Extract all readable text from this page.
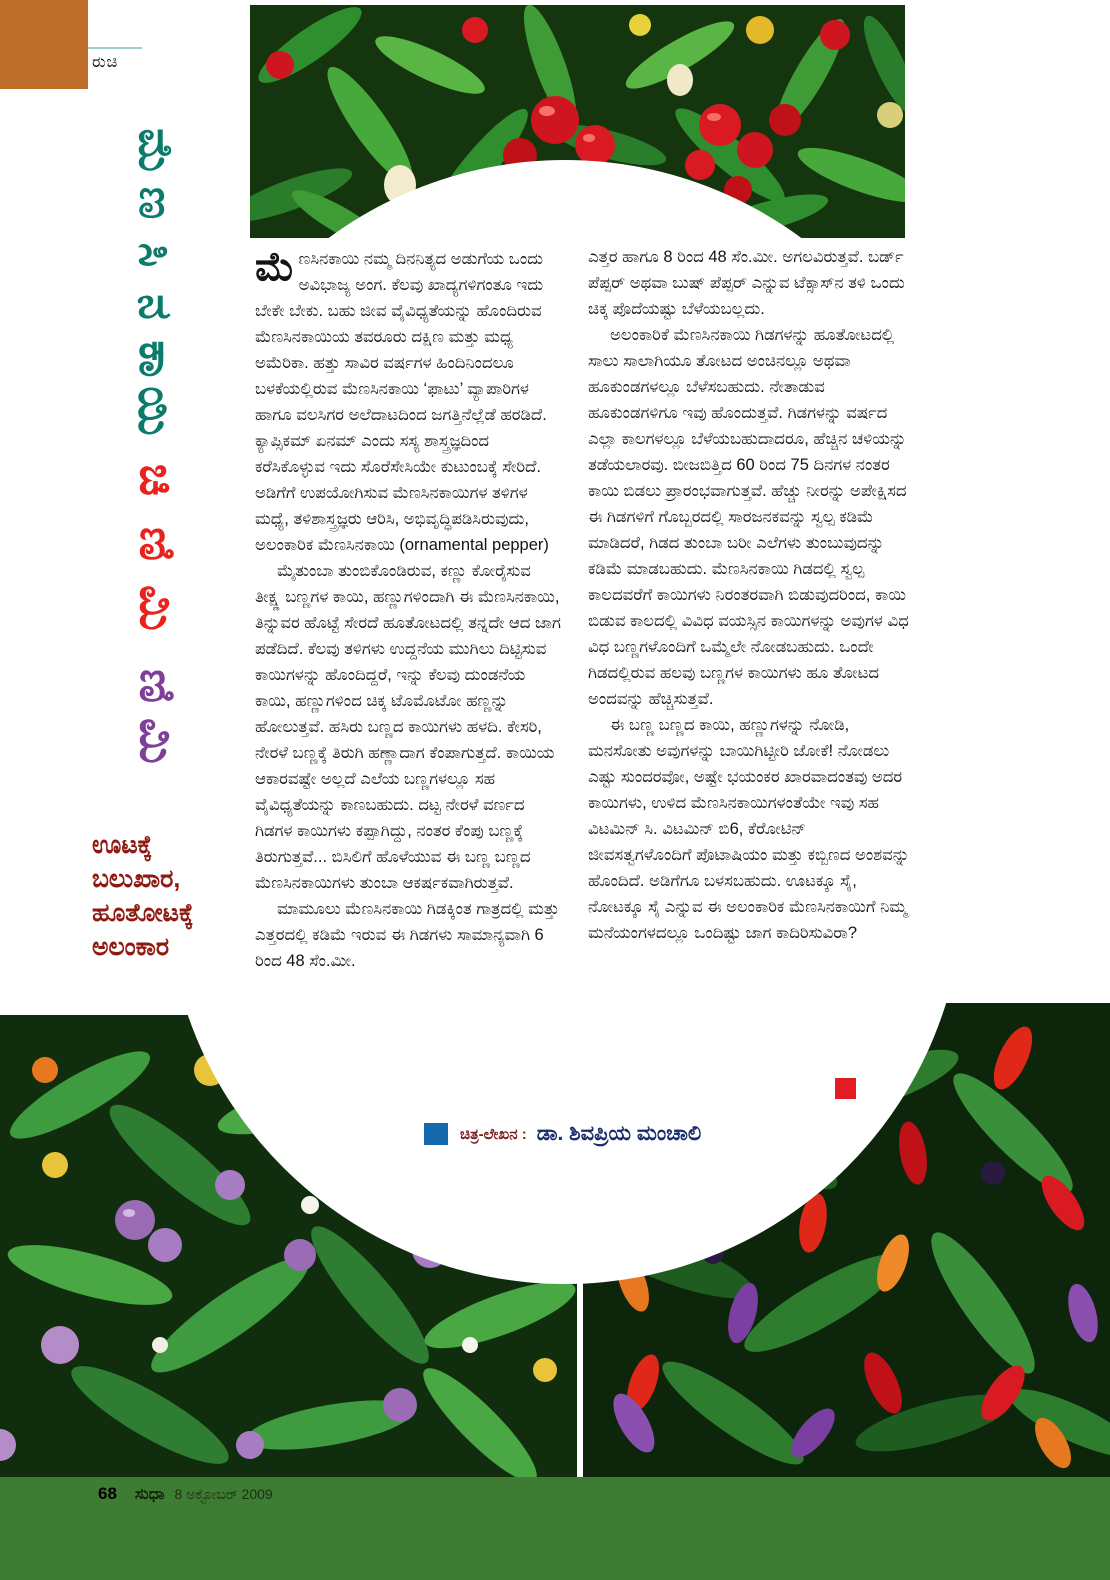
ರುಚಿ
ಮೆ
ಣ
ಸಿ
ನ
ಕಾ
ಯಿ
ಚಿ
ಣಿ
ಮಿ
ಣಿ
ಮಿ
ಊಟಕ್ಕೆ
ಬಲುಖಾರ,
ಹೂತೋಟಕ್ಕೆ
ಅಲಂಕಾರ

ಮೆಣಸಿನಕಾಯಿ ನಮ್ಮ ದಿನನಿತ್ಯದ ಅಡುಗೆಯ ಒಂದು ಅವಿಭಾಜ್ಯ ಅಂಗ. ಕೆಲವು ಖಾದ್ಯಗಳಿಗಂತೂ ಇದು ಬೇಕೇ ಬೇಕು. ಬಹು ಜೀವ ವೈವಿಧ್ಯತೆಯನ್ನು ಹೊಂದಿರುವ ಮೆಣಸಿನಕಾಯಿಯ ತವರೂರು ದಕ್ಷಿಣ ಮತ್ತು ಮಧ್ಯ ಅಮೆರಿಕಾ. ಹತ್ತು ಸಾವಿರ ವರ್ಷಗಳ ಹಿಂದಿನಿಂದಲೂ ಬಳಕೆಯಲ್ಲಿರುವ ಮೆಣಸಿನಕಾಯಿ ‘ಫಾಟು’ ವ್ಯಾಪಾರಿಗಳ ಹಾಗೂ ವಲಸಿಗರ ಅಲೆದಾಟದಿಂದ ಜಗತ್ತಿನೆಲ್ಲೆಡೆ ಹರಡಿದೆ. ಕ್ಯಾಪ್ಸಿಕಮ್ ಏನಮ್ ಎಂದು ಸಸ್ಯ ಶಾಸ್ತ್ರಜ್ಞದಿಂದ ಕರೆಸಿಕೊಳ್ಳುವ ಇದು ಸೊರೆಸೇಸಿಯೇ ಕುಟುಂಬಕ್ಕೆ ಸೇರಿದೆ. ಅಡಿಗೆಗೆ ಉಪಯೋಗಿಸುವ ಮೆಣಸಿನಕಾಯಿಗಳ ತಳಿಗಳ ಮಧ್ಯೆ, ತಳಿಶಾಸ್ತ್ರಜ್ಞರು ಆರಿಸಿ, ಅಭಿವೃದ್ಧಿಪಡಿಸಿರುವುದು, ಅಲಂಕಾರಿಕ ಮೆಣಸಿನಕಾಯಿ (ornamental pepper)

ಮೈತುಂಬಾ ತುಂಬಿಕೊಂಡಿರುವ, ಕಣ್ಣು ಕೋರೈಸುವ ತೀಕ್ಷ್ಣ ಬಣ್ಣಗಳ ಕಾಯಿ, ಹಣ್ಣುಗಳಿಂದಾಗಿ ಈ ಮೆಣಸಿನಕಾಯಿ, ತಿನ್ನುವರ ಹೊಟ್ಟೆ ಸೇರದೆ ಹೂತೋಟದಲ್ಲಿ ತನ್ನದೇ ಆದ ಜಾಗ ಪಡೆದಿದೆ. ಕೆಲವು ತಳಿಗಳು ಉದ್ದನೆಯ ಮುಗಿಲು ದಿಟ್ಟಿಸುವ ಕಾಯಿಗಳನ್ನು ಹೊಂದಿದ್ದರೆ, ಇನ್ನು ಕೆಲವು ದುಂಡನೆಯ ಕಾಯಿ, ಹಣ್ಣುಗಳಿಂದ ಚಿಕ್ಕ ಟೊಮೊಟೋ ಹಣ್ಣನ್ನು ಹೋಲುತ್ತವೆ. ಹಸಿರು ಬಣ್ಣದ ಕಾಯಿಗಳು ಹಳದಿ. ಕೇಸರಿ, ನೇರಳೆ ಬಣ್ಣಕ್ಕೆ ತಿರುಗಿ ಹಣ್ಣಾದಾಗ ಕೆಂಪಾಗುತ್ತದೆ. ಕಾಯಿಯ ಆಕಾರವಷ್ಟೇ ಅಲ್ಲದೆ ಎಲೆಯ ಬಣ್ಣಗಳಲ್ಲೂ ಸಹ ವೈವಿಧ್ಯತೆಯನ್ನು ಕಾಣಬಹುದು. ದಟ್ಟ ನೇರಳೆ ವರ್ಣದ ಗಿಡಗಳ ಕಾಯಿಗಳು ಕಪ್ಪಾಗಿದ್ದು, ನಂತರ ಕೆಂಪು ಬಣ್ಣಕ್ಕೆ ತಿರುಗುತ್ತವೆ... ಬಿಸಿಲಿಗೆ ಹೊಳೆಯುವ ಈ ಬಣ್ಣ ಬಣ್ಣದ ಮೆಣಸಿನಕಾಯಿಗಳು ತುಂಬಾ ಆಕರ್ಷಕವಾಗಿರುತ್ತವೆ.

ಮಾಮೂಲು ಮೆಣಸಿನಕಾಯಿ ಗಿಡಕ್ಕಿಂತ ಗಾತ್ರದಲ್ಲಿ ಮತ್ತು ಎತ್ತರದಲ್ಲಿ ಕಡಿಮೆ ಇರುವ ಈ ಗಿಡಗಳು ಸಾಮಾನ್ಯವಾಗಿ 6 ರಿಂದ 48 ಸೆಂ.ಮೀ.

ಎತ್ತರ ಹಾಗೂ 8 ರಿಂದ 48 ಸೆಂ.ಮೀ. ಅಗಲವಿರುತ್ತವೆ. ಬರ್ಡ್ ಪೆಪ್ಪರ್ ಅಥವಾ ಬುಷ್ ಪೆಪ್ಪರ್ ಎನ್ನುವ ಟೆಕ್ಸಾಸ್‌ನ ತಳಿ ಒಂದು ಚಿಕ್ಕ ಪೊದೆಯಷ್ಟು ಬೆಳೆಯಬಲ್ಲದು.

ಅಲಂಕಾರಿಕೆ ಮೆಣಸಿನಕಾಯಿ ಗಿಡಗಳನ್ನು ಹೂತೋಟದಲ್ಲಿ ಸಾಲು ಸಾಲಾಗಿಯೂ ತೋಟದ ಅಂಚಿನಲ್ಲೂ ಅಥವಾ ಹೂಕುಂಡಗಳಲ್ಲೂ ಬೆಳೆಸಬಹುದು. ನೇತಾಡುವ ಹೂಕುಂಡಗಳಿಗೂ ಇವು ಹೊಂದುತ್ತವೆ. ಗಿಡಗಳನ್ನು ವರ್ಷದ ಎಲ್ಲಾ ಕಾಲಗಳಲ್ಲೂ ಬೆಳೆಯಬಹುದಾದರೂ, ಹೆಚ್ಚಿನ ಚಳಿಯನ್ನು ತಡೆಯಲಾರವು. ಬೀಜಬಿತ್ತಿದ 60 ರಿಂದ 75 ದಿನಗಳ ನಂತರ ಕಾಯಿ ಬಿಡಲು ಪ್ರಾರಂಭವಾಗುತ್ತವೆ. ಹೆಚ್ಚು ನೀರನ್ನು ಅಪೇಕ್ಷಿಸದ ಈ ಗಿಡಗಳಿಗೆ ಗೊಬ್ಬರದಲ್ಲಿ ಸಾರಜನಕವನ್ನು ಸ್ವಲ್ಪ ಕಡಿಮೆ ಮಾಡಿದರೆ, ಗಿಡದ ತುಂಬಾ ಬರೀ ಎಲೆಗಳು ತುಂಬುವುದನ್ನು ಕಡಿಮೆ ಮಾಡಬಹುದು. ಮೆಣಸಿನಕಾಯಿ ಗಿಡದಲ್ಲಿ ಸ್ವಲ್ಪ ಕಾಲದವರೆಗೆ ಕಾಯಿಗಳು ನಿರಂತರವಾಗಿ ಬಿಡುವುದರಿಂದ, ಕಾಯಿ ಬಿಡುವ ಕಾಲದಲ್ಲಿ ವಿವಿಧ ವಯಸ್ಸಿನ ಕಾಯಿಗಳನ್ನು ಅವುಗಳ ವಿಧ ವಿಧ ಬಣ್ಣಗಳೊಂದಿಗೆ ಒಮ್ಮೆಲೇ ನೋಡಬಹುದು. ಒಂದೇ ಗಿಡದಲ್ಲಿರುವ ಹಲವು ಬಣ್ಣಗಳ ಕಾಯಿಗಳು ಹೂ ತೋಟದ ಅಂದವನ್ನು ಹೆಚ್ಚಿಸುತ್ತವೆ.

ಈ ಬಣ್ಣ ಬಣ್ಣದ ಕಾಯಿ, ಹಣ್ಣುಗಳನ್ನು ನೋಡಿ, ಮನಸೋತು ಅವುಗಳನ್ನು ಬಾಯಿಗಿಟ್ಟೀರಿ ಜೋಕೆ! ನೋಡಲು ಎಷ್ಟು ಸುಂದರವೋ, ಅಷ್ಟೇ ಭಯಂಕರ ಖಾರವಾದಂತವು ಅದರ ಕಾಯಿಗಳು, ಉಳಿದ ಮೆಣಸಿನಕಾಯಿಗಳಂತೆಯೇ ಇವು ಸಹ ವಿಟಮಿನ್ ಸಿ. ವಿಟಮಿನ್ ಬಿ6, ಕೆರೋಟಿನ್ ಜೀವಸತ್ವಗಳೊಂದಿಗೆ ಪೊಟಾಷಿಯಂ ಮತ್ತು ಕಬ್ಬಿಣದ ಅಂಶವನ್ನು ಹೊಂದಿದೆ. ಅಡಿಗೆಗೂ ಬಳಸಬಹುದು. ಊಟಕ್ಕೂ ಸೈ, ನೋಟಕ್ಕೂ ಸೈ ಎನ್ನುವ ಈ ಅಲಂಕಾರಿಕ ಮೆಣಸಿನಕಾಯಿಗೆ ನಿಮ್ಮ ಮನೆಯಂಗಳದಲ್ಲೂ ಒಂದಿಷ್ಟು ಜಾಗ ಕಾದಿರಿಸುವಿರಾ?

ಚಿತ್ರ-ಲೇಖನ : ಡಾ. ಶಿವಪ್ರಿಯ ಮಂಚಾಲಿ
68 ಸುಧಾ 8 ಅಕ್ಟೋಬರ್ 2009
